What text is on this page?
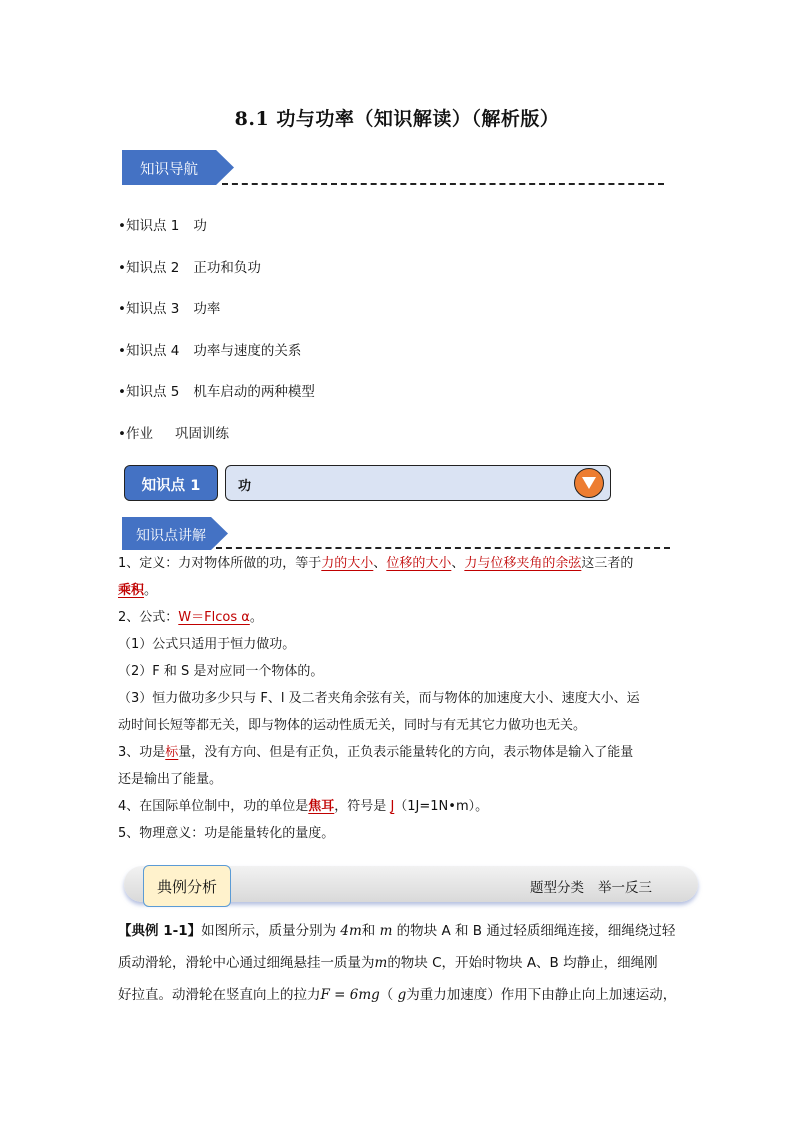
8.1 功与功率（知识解读）（解析版）
知识导航
•知识点 1 功
•知识点 2 正功和负功
•知识点 3 功率
•知识点 4 功率与速度的关系
•知识点 5 机车启动的两种模型
•作业 巩固训练
知识点 1	功
知识点讲解
1、定义：力对物体所做的功，等于力的大小、位移的大小、力与位移夹角的余弦这三者的
乘积。
2、公式：W＝Flcos α。
（1）公式只适用于恒力做功。
（2）F 和 S 是对应同一个物体的。
（3）恒力做功多少只与 F、l 及二者夹角余弦有关，而与物体的加速度大小、速度大小、运
动时间长短等都无关，即与物体的运动性质无关，同时与有无其它力做功也无关。
3、功是标量，没有方向、但是有正负，正负表示能量转化的方向，表示物体是输入了能量
还是输出了能量。
4、在国际单位制中，功的单位是焦耳，符号是 J（1J=1N•m）。
5、物理意义：功是能量转化的量度。
典例分析	题型分类 举一反三
【典例 1-1】如图所示，质量分别为 4m和 m 的物块 A 和 B 通过轻质细绳连接，细绳绕过轻
质动滑轮，滑轮中心通过细绳悬挂一质量为m的物块 C，开始时物块 A、B 均静止，细绳刚
好拉直。动滑轮在竖直向上的拉力F = 6mg（ g为重力加速度）作用下由静止向上加速运动，
